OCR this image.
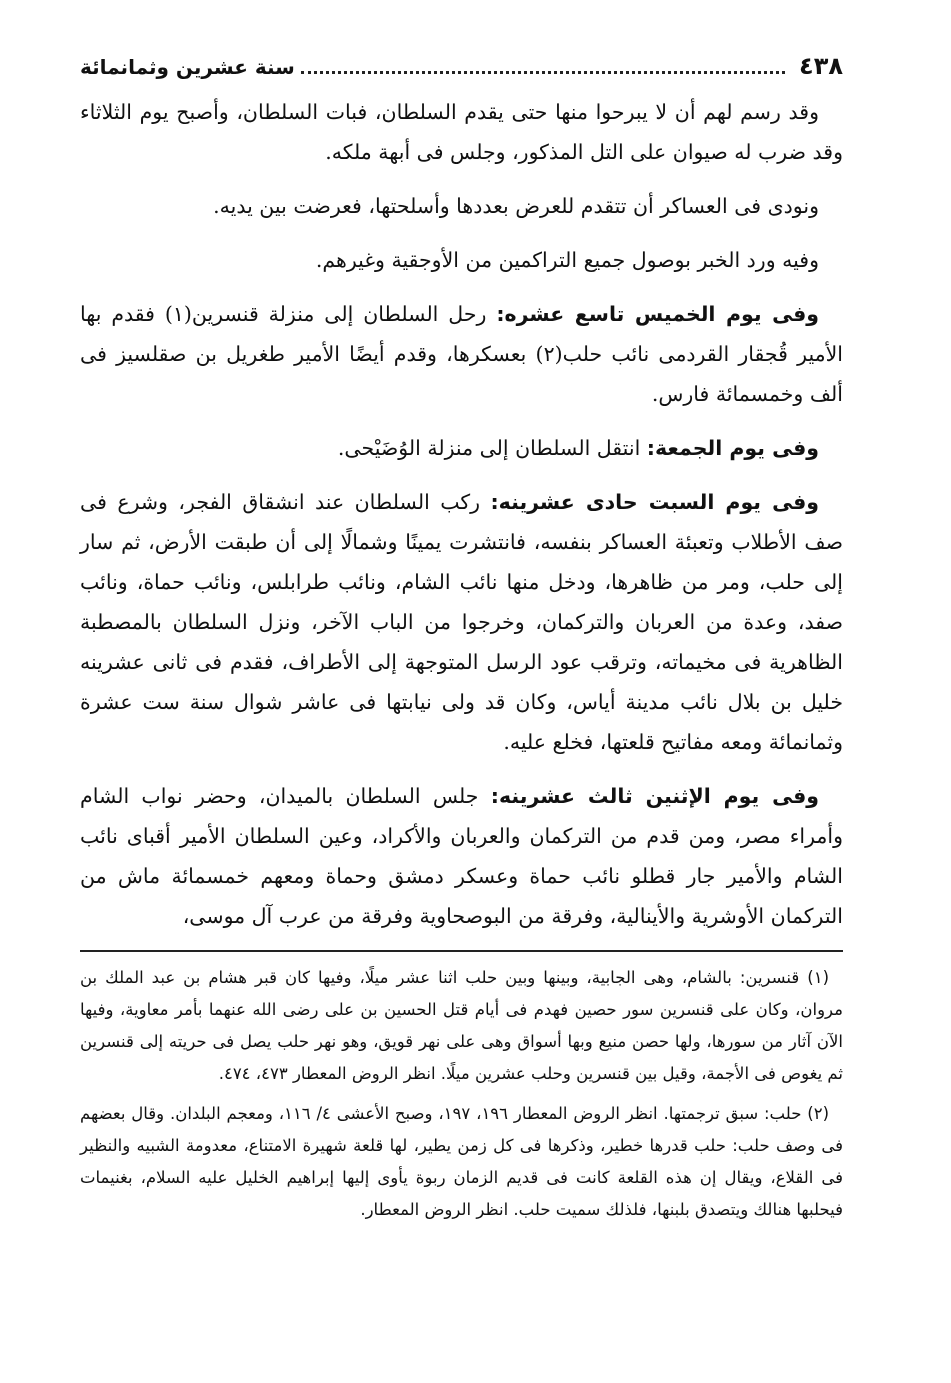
٤٣٨
سنة عشرين وثمانمائة

وقد رسم لهم أن لا يبرحوا منها حتى يقدم السلطان، فبات السلطان، وأصبح يوم الثلاثاء وقد ضرب له صيوان على التل المذكور، وجلس فى أبهة ملكه.

ونودى فى العساكر أن تتقدم للعرض بعددها وأسلحتها، فعرضت بين يديه.

وفيه ورد الخبر بوصول جميع التراكمين من الأوجقية وغيرهم.

وفى يوم الخميس تاسع عشره: رحل السلطان إلى منزلة قنسرين(١) فقدم بها الأمير قُجقار القردمى نائب حلب(٢) بعسكرها، وقدم أيضًا الأمير طغريل بن صقلسيز فى ألف وخمسمائة فارس.

وفى يوم الجمعة: انتقل السلطان إلى منزلة الوُضَيْحى.

وفى يوم السبت حادى عشرينه: ركب السلطان عند انشقاق الفجر، وشرع فى صف الأطلاب وتعبئة العساكر بنفسه، فانتشرت يمينًا وشمالًا إلى أن طبقت الأرض، ثم سار إلى حلب، ومر من ظاهرها، ودخل منها نائب الشام، ونائب طرابلس، ونائب حماة، ونائب صفد، وعدة من العربان والتركمان، وخرجوا من الباب الآخر، ونزل السلطان بالمصطبة الظاهرية فى مخيماته، وترقب عود الرسل المتوجهة إلى الأطراف، فقدم فى ثانى عشرينه خليل بن بلال نائب مدينة أياس، وكان قد ولى نيابتها فى عاشر شوال سنة ست عشرة وثمانمائة ومعه مفاتيح قلعتها، فخلع عليه.

وفى يوم الإثنين ثالث عشرينه: جلس السلطان بالميدان، وحضر نواب الشام وأمراء مصر، ومن قدم من التركمان والعربان والأكراد، وعين السلطان الأمير أقباى نائب الشام والأمير جار قطلو نائب حماة وعسكر دمشق وحماة ومعهم خمسمائة ماش من التركمان الأوشرية والأينالية، وفرقة من البوصحاوية وفرقة من عرب آل موسى،

(١) قنسرين: بالشام، وهى الجابية، وبينها وبين حلب اثنا عشر ميلًا، وفيها كان قبر هشام بن عبد الملك بن مروان، وكان على قنسرين سور حصين فهدم فى أيام قتل الحسين بن على رضى الله عنهما بأمر معاوية، وفيها الآن آثار من سورها، ولها حصن منيع وبها أسواق وهى على نهر قويق، وهو نهر حلب يصل فى حريته إلى قنسرين ثم يغوص فى الأجمة، وقيل بين قنسرين وحلب عشرين ميلًا. انظر الروض المعطار ٤٧٣، ٤٧٤.

(٢) حلب: سبق ترجمتها. انظر الروض المعطار ١٩٦، ١٩٧، وصبح الأعشى ٤/ ١١٦، ومعجم البلدان. وقال بعضهم فى وصف حلب: حلب قدرها خطير، وذكرها فى كل زمن يطير، لها قلعة شهيرة الامتناع، معدومة الشبيه والنظير فى القلاع، ويقال إن هذه القلعة كانت فى قديم الزمان ربوة يأوى إليها إبراهيم الخليل عليه السلام، بغنيمات فيحلبها هنالك ويتصدق بلبنها، فلذلك سميت حلب. انظر الروض المعطار.
